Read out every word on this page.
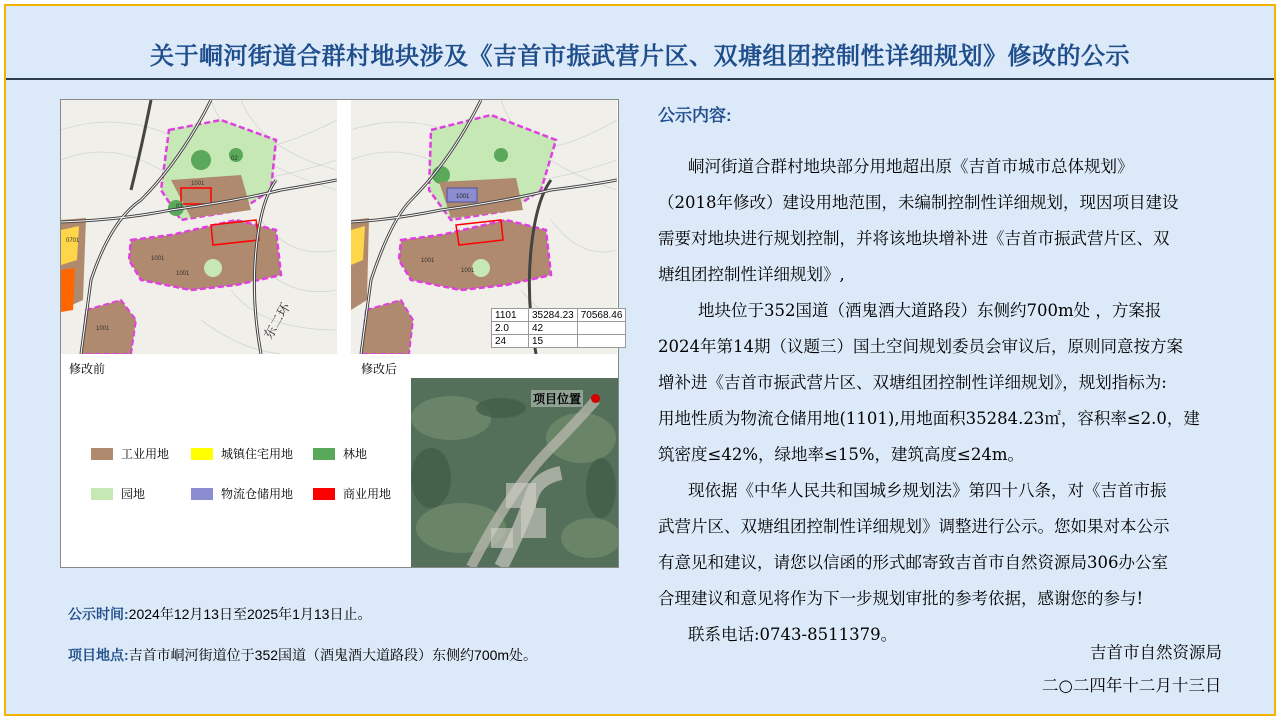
关于峒河街道合群村地块涉及《吉首市振武营片区、双塘组团控制性详细规划》修改的公示
东二环
1001
1001
1001
1001
0701
02
03
1001
1001
1001
1101	35284.23	70568.46
2.0	42	
24	15	
修改前	修改后
工业用地	城镇住宅用地	林地
园地	物流仓储用地	商业用地
项目位置
公示时间:2024年12月13日至2025年1月13日止。
项目地点:吉首市峒河街道位于352国道（酒鬼酒大道路段）东侧约700m处。
公示内容:
峒河街道合群村地块部分用地超出原《吉首市城市总体规划》
（2018年修改）建设用地范围，未编制控制性详细规划，现因项目建设
需要对地块进行规划控制，并将该地块增补进《吉首市振武营片区、双
塘组团控制性详细规划》,
地块位于352国道（酒鬼酒大道路段）东侧约700m处 ，方案报
2024年第14期（议题三）国土空间规划委员会审议后，原则同意按方案
增补进《吉首市振武营片区、双塘组团控制性详细规划》，规划指标为:
用地性质为物流仓储用地(1101),用地面积35284.23㎡，容积率≤2.0，建
筑密度≤42%，绿地率≤15%，建筑高度≤24m。
现依据《中华人民共和国城乡规划法》第四十八条，对《吉首市振
武营片区、双塘组团控制性详细规划》调整进行公示。您如果对本公示
有意见和建议，请您以信函的形式邮寄致吉首市自然资源局306办公室
合理建议和意见将作为下一步规划审批的参考依据，感谢您的参与!
联系电话:0743-8511379。
吉首市自然资源局
二○二四年十二月十三日
